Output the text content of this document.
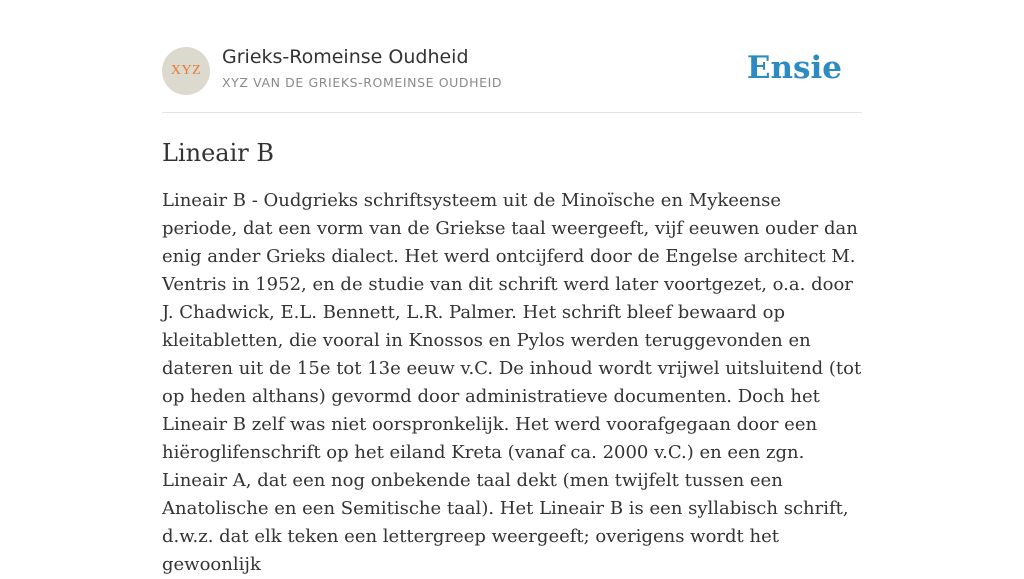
XYZ
Grieks-Romeinse Oudheid
XYZ VAN DE GRIEKS-ROMEINSE OUDHEID	Ensie
Lineair B

Lineair B - Oudgrieks schriftsysteem uit de Minoïsche en Mykeense periode, dat een vorm van de Griekse taal weergeeft, vijf eeuwen ouder dan enig ander Grieks dialect. Het werd ontcijferd door de Engelse architect M. Ventris in 1952, en de studie van dit schrift werd later voortgezet, o.a. door J. Chadwick, E.L. Bennett, L.R. Palmer. Het schrift bleef bewaard op kleitabletten, die vooral in Knossos en Pylos werden teruggevonden en dateren uit de 15e tot 13e eeuw v.C. De inhoud wordt vrijwel uitsluitend (tot op heden althans) gevormd door administratieve documenten. Doch het Lineair B zelf was niet oorspronkelijk. Het werd voorafgegaan door een hiëroglifenschrift op het eiland Kreta (vanaf ca. 2000 v.C.) en een zgn. Lineair A, dat een nog onbekende taal dekt (men twijfelt tussen een Anatolische en een Semitische taal). Het Lineair B is een syllabisch schrift, d.w.z. dat elk teken een lettergreep weergeeft; overigens wordt het gewoonlijk
